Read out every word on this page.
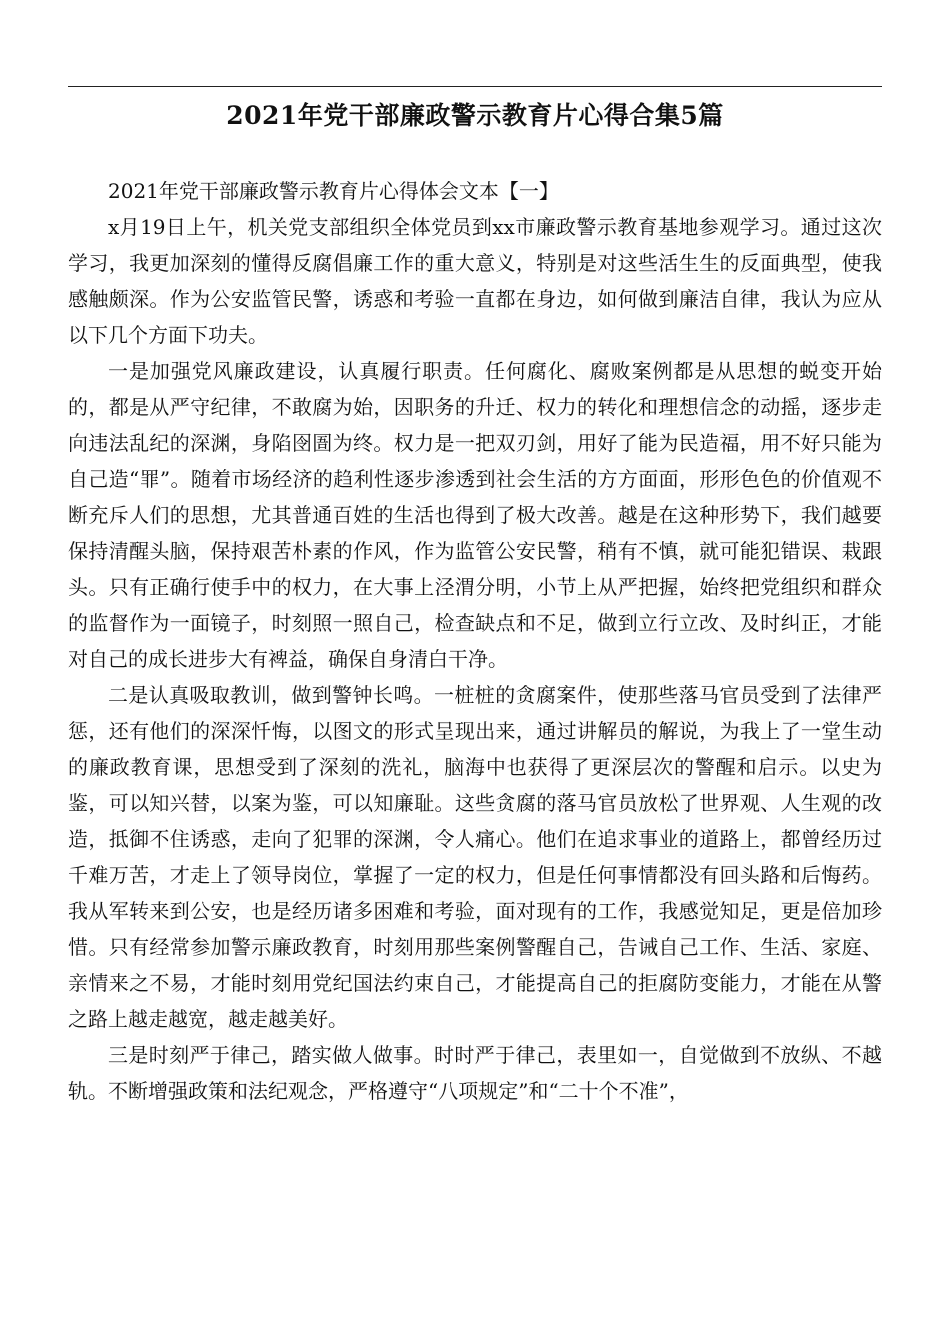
2021年党干部廉政警示教育片心得合集5篇

2021年党干部廉政警示教育片心得体会文本【一】

x月19日上午，机关党支部组织全体党员到xx市廉政警示教育基地参观学习。通过这次学习，我更加深刻的懂得反腐倡廉工作的重大意义，特别是对这些活生生的反面典型，使我感触颇深。作为公安监管民警，诱惑和考验一直都在身边，如何做到廉洁自律，我认为应从以下几个方面下功夫。

一是加强党风廉政建设，认真履行职责。任何腐化、腐败案例都是从思想的蜕变开始的，都是从严守纪律，不敢腐为始，因职务的升迁、权力的转化和理想信念的动摇，逐步走向违法乱纪的深渊，身陷囹圄为终。权力是一把双刃剑，用好了能为民造福，用不好只能为自己造“罪”。随着市场经济的趋利性逐步渗透到社会生活的方方面面，形形色色的价值观不断充斥人们的思想，尤其普通百姓的生活也得到了极大改善。越是在这种形势下，我们越要保持清醒头脑，保持艰苦朴素的作风，作为监管公安民警，稍有不慎，就可能犯错误、栽跟头。只有正确行使手中的权力，在大事上泾渭分明，小节上从严把握，始终把党组织和群众的监督作为一面镜子，时刻照一照自己，检查缺点和不足，做到立行立改、及时纠正，才能对自己的成长进步大有裨益，确保自身清白干净。

二是认真吸取教训，做到警钟长鸣。一桩桩的贪腐案件，使那些落马官员受到了法律严惩，还有他们的深深忏悔，以图文的形式呈现出来，通过讲解员的解说，为我上了一堂生动的廉政教育课，思想受到了深刻的洗礼，脑海中也获得了更深层次的警醒和启示。以史为鉴，可以知兴替，以案为鉴，可以知廉耻。这些贪腐的落马官员放松了世界观、人生观的改造，抵御不住诱惑，走向了犯罪的深渊，令人痛心。他们在追求事业的道路上，都曾经历过千难万苦，才走上了领导岗位，掌握了一定的权力，但是任何事情都没有回头路和后悔药。我从军转来到公安，也是经历诸多困难和考验，面对现有的工作，我感觉知足，更是倍加珍惜。只有经常参加警示廉政教育，时刻用那些案例警醒自己，告诫自己工作、生活、家庭、亲情来之不易，才能时刻用党纪国法约束自己，才能提高自己的拒腐防变能力，才能在从警之路上越走越宽，越走越美好。

三是时刻严于律己，踏实做人做事。时时严于律己，表里如一，自觉做到不放纵、不越轨。不断增强政策和法纪观念，严格遵守“八项规定”和“二十个不准”，
